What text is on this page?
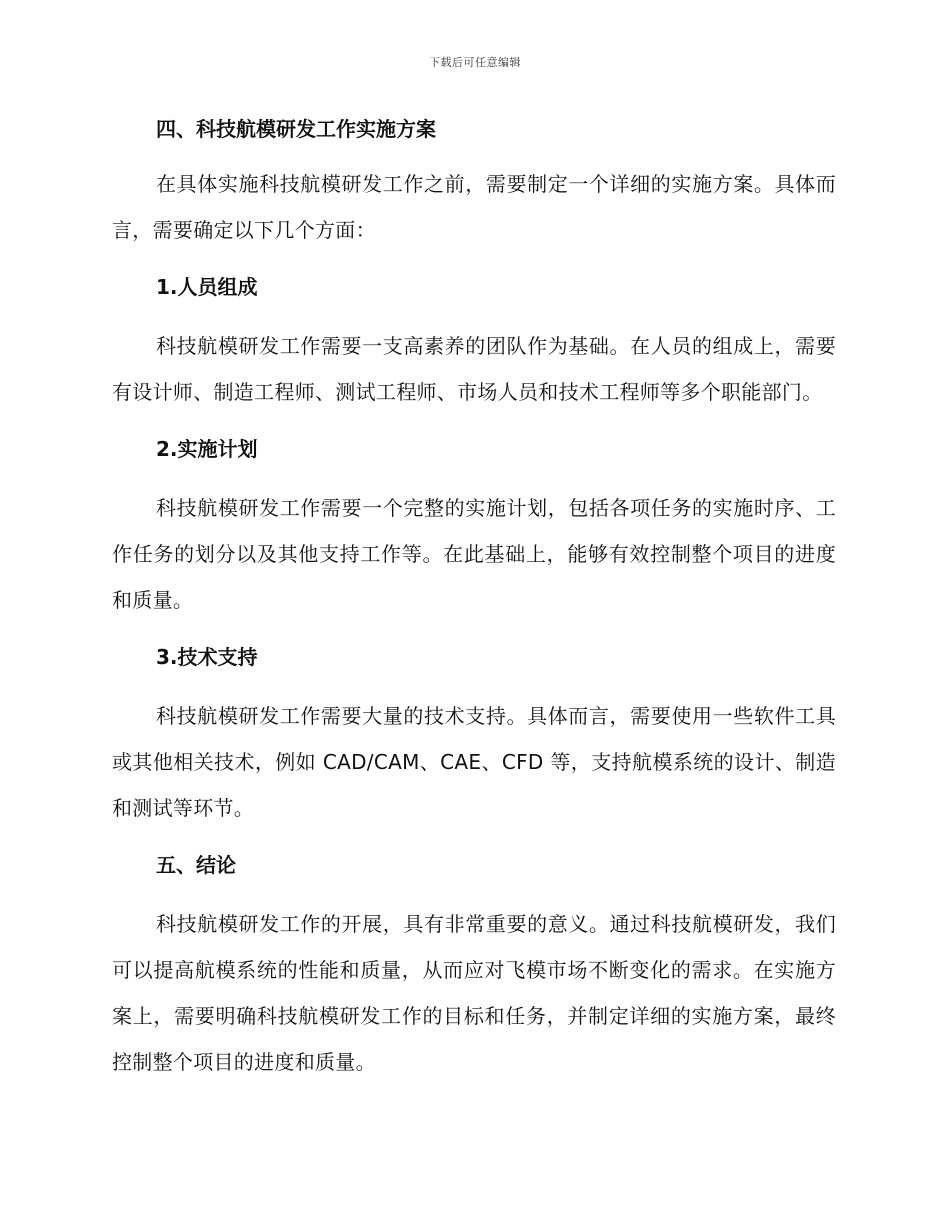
下载后可任意编辑
四、科技航模研发工作实施方案

在具体实施科技航模研发工作之前，需要制定一个详细的实施方案。具体而言，需要确定以下几个方面：

1.人员组成

科技航模研发工作需要一支高素养的团队作为基础。在人员的组成上，需要有设计师、制造工程师、测试工程师、市场人员和技术工程师等多个职能部门。

2.实施计划

科技航模研发工作需要一个完整的实施计划，包括各项任务的实施时序、工作任务的划分以及其他支持工作等。在此基础上，能够有效控制整个项目的进度和质量。

3.技术支持

科技航模研发工作需要大量的技术支持。具体而言，需要使用一些软件工具或其他相关技术，例如 CAD/CAM、CAE、CFD 等，支持航模系统的设计、制造和测试等环节。

五、结论

科技航模研发工作的开展，具有非常重要的意义。通过科技航模研发，我们可以提高航模系统的性能和质量，从而应对飞模市场不断变化的需求。在实施方案上，需要明确科技航模研发工作的目标和任务，并制定详细的实施方案，最终控制整个项目的进度和质量。
